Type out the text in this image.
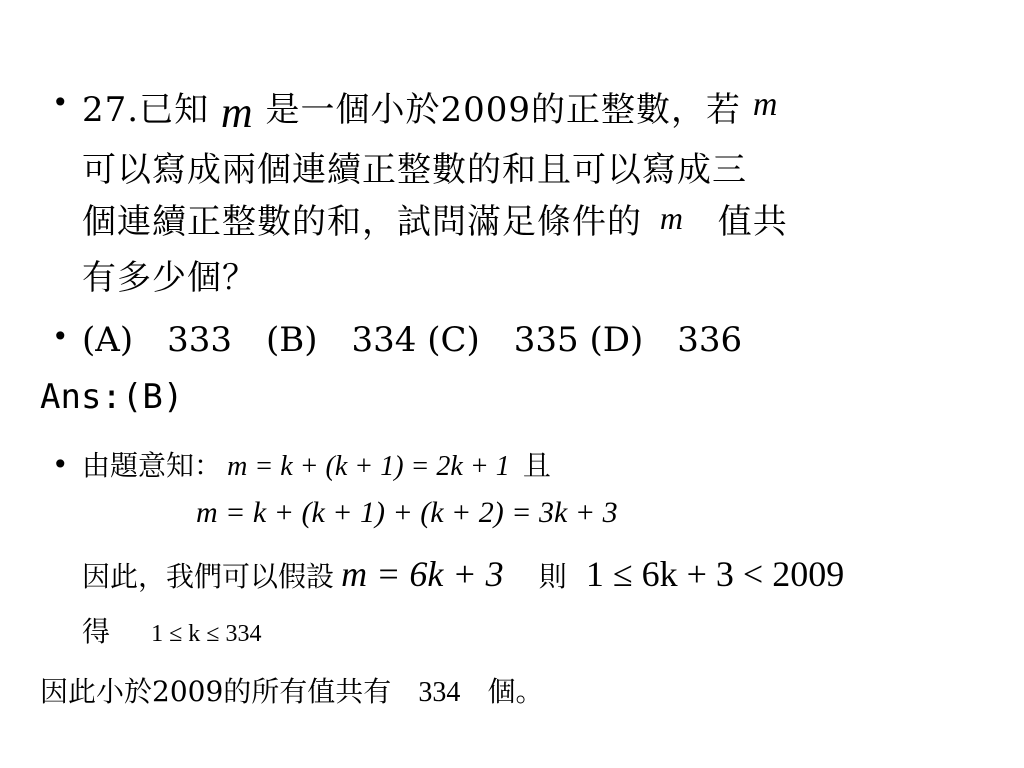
• 27.已知 m 是一個小於2009的正整數，若 m
可以寫成兩個連續正整數的和且可以寫成三
個連續正整數的和，試問滿足條件的 m 值共
有多少個？
• (A)　333　(B)　334 (C)　335 (D)　336
Ans:(B)
• 由題意知： m = k + (k + 1) = 2k + 1 且
m = k + (k + 1) + (k + 2) = 3k + 3
因此，我們可以假設 m = 6k + 3 則 1 ≤ 6k + 3 < 2009
得 1 ≤ k ≤ 334
因此小於2009的所有值共有 334 個。
